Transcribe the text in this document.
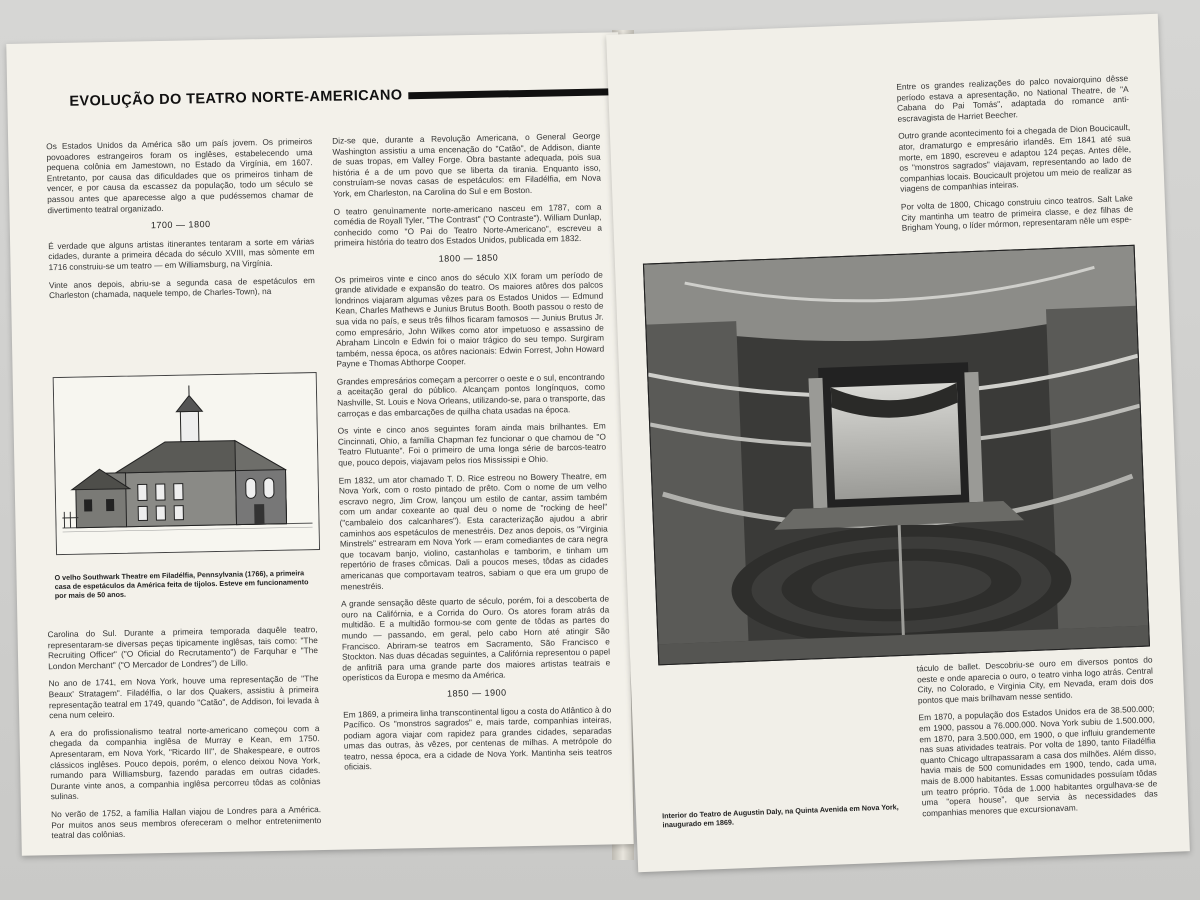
EVOLUÇÃO DO TEATRO NORTE-AMERICANO

Os Estados Unidos da América são um país jovem. Os primeiros povoadores estrangeiros foram os inglêses, estabelecendo uma pequena colônia em Jamestown, no Estado da Virgínia, em 1607. Entretanto, por causa das dificuldades que os primeiros tinham de vencer, e por causa da escassez da população, todo um século se passou antes que aparecesse algo a que pudéssemos chamar de divertimento teatral organizado.

1700 — 1800

É verdade que alguns artistas itinerantes tentaram a sorte em várias cidades, durante a primeira década do século XVIII, mas sòmente em 1716 construiu-se um teatro — em Williamsburg, na Virgínia.

Vinte anos depois, abriu-se a segunda casa de espetáculos em Charleston (chamada, naquele tempo, de Charles-Town), na

O velho Southwark Theatre em Filadélfia, Pennsylvania (1766), a primeira casa de espetáculos da América feita de tijolos. Esteve em funcionamento por mais de 50 anos.

Carolina do Sul. Durante a primeira temporada daquêle teatro, representaram-se diversas peças tipicamente inglêsas, tais como: "The Recruiting Officer" ("O Oficial do Recrutamento") de Farquhar e "The London Merchant" ("O Mercador de Londres") de Lillo.

No ano de 1741, em Nova York, houve uma representação de "The Beaux' Stratagem". Filadélfia, o lar dos Quakers, assistiu à primeira representação teatral em 1749, quando "Catão", de Addison, foi levada à cena num celeiro.

A era do profissionalismo teatral norte-americano começou com a chegada da companhia inglêsa de Murray e Kean, em 1750. Apresentaram, em Nova York, "Ricardo III", de Shakespeare, e outros clássicos inglêses. Pouco depois, porém, o elenco deixou Nova York, rumando para Williamsburg, fazendo paradas em outras cidades. Durante vinte anos, a companhia inglêsa percorreu tôdas as colônias sulinas.

No verão de 1752, a família Hallan viajou de Londres para a América. Por muitos anos seus membros ofereceram o melhor entretenimento teatral das colônias.

Diz-se que, durante a Revolução Americana, o General George Washington assistiu a uma encenação do "Catão", de Addison, diante de suas tropas, em Valley Forge. Obra bastante adequada, pois sua história é a de um povo que se liberta da tirania. Enquanto isso, construíam-se novas casas de espetáculos: em Filadélfia, em Nova York, em Charleston, na Carolina do Sul e em Boston.

O teatro genuìnamente norte-americano nasceu em 1787, com a comédia de Royall Tyler, "The Contrast" ("O Contraste"). William Dunlap, conhecido como "O Pai do Teatro Norte-Americano", escreveu a primeira história do teatro dos Estados Unidos, publicada em 1832.

1800 — 1850

Os primeiros vinte e cinco anos do século XIX foram um período de grande atividade e expansão do teatro. Os maiores atôres dos palcos londrinos viajaram algumas vêzes para os Estados Unidos — Edmund Kean, Charles Mathews e Junius Brutus Booth. Booth passou o resto de sua vida no país, e seus três filhos ficaram famosos — Junius Brutus Jr. como empresário, John Wilkes como ator impetuoso e assassino de Abraham Lincoln e Edwin foi o maior trágico do seu tempo. Surgiram também, nessa época, os atôres nacionais: Edwin Forrest, John Howard Payne e Thomas Abthorpe Cooper.

Grandes empresários começam a percorrer o oeste e o sul, encontrando a aceitação geral do público. Alcançam pontos longínquos, como Nashville, St. Louis e Nova Orleans, utilizando-se, para o transporte, das carroças e das embarcações de quilha chata usadas na época.

Os vinte e cinco anos seguintes foram ainda mais brilhantes. Em Cincinnati, Ohio, a família Chapman fez funcionar o que chamou de "O Teatro Flutuante". Foi o primeiro de uma longa série de barcos-teatro que, pouco depois, viajavam pelos rios Mississipi e Ohio.

Em 1832, um ator chamado T. D. Rice estreou no Bowery Theatre, em Nova York, com o rosto pintado de prêto. Com o nome de um velho escravo negro, Jim Crow, lançou um estilo de cantar, assim também com um andar coxeante ao qual deu o nome de "rocking de heel" ("cambaleio dos calcanhares"). Esta caracterização ajudou a abrir caminhos aos espetáculos de menestréis. Dez anos depois, os "Virginia Minstrels" estrearam em Nova York — eram comediantes de cara negra que tocavam banjo, violino, castanholas e tamborim, e tinham um repertório de frases cômicas. Dali a poucos meses, tôdas as cidades americanas que comportavam teatros, sabiam o que era um grupo de menestréis.

A grande sensação dêste quarto de século, porém, foi a descoberta de ouro na Califórnia, e a Corrida do Ouro. Os atores foram atrás da multidão. E a multidão formou-se com gente de tôdas as partes do mundo — passando, em geral, pelo cabo Horn até atingir São Francisco. Abriram-se teatros em Sacramento, São Francisco e Stockton. Nas duas décadas seguintes, a Califórnia representou o papel de anfitriã para uma grande parte dos maiores artistas teatrais e operísticos da Europa e mesmo da América.

1850 — 1900

Em 1869, a primeira linha transcontinental ligou a costa do Atlântico à do Pacífico. Os "monstros sagrados" e, mais tarde, companhias inteiras, podiam agora viajar com rapidez para grandes cidades, separadas umas das outras, às vêzes, por centenas de milhas. A metrópole do teatro, nessa época, era a cidade de Nova York. Mantinha seis teatros oficiais.

Entre os grandes realizações do palco novaiorquino dêsse período estava a apresentação, no National Theatre, de "A Cabana do Pai Tomás", adaptada do romance anti-escravagista de Harriet Beecher.

Outro grande acontecimento foi a chegada de Dion Boucicault, ator, dramaturgo e empresário irlandês. Em 1841 até sua morte, em 1890, escreveu e adaptou 124 peças. Antes dêle, os "monstros sagrados" viajavam, representando ao lado de companhias locais. Boucicault projetou um meio de realizar as viagens de companhias inteiras.

Por volta de 1800, Chicago construiu cinco teatros. Salt Lake City mantinha um teatro de primeira classe, e dez filhas de Brigham Young, o líder mórmon, representaram nêle um espe-

Interior do Teatro de Augustin Daly, na Quinta Avenida em Nova York, inaugurado em 1869.

táculo de ballet. Descobriu-se ouro em diversos pontos do oeste e onde aparecia o ouro, o teatro vinha logo atrás. Central City, no Colorado, e Virginia City, em Nevada, eram dois dos pontos que mais brilhavam nesse sentido.

Em 1870, a população dos Estados Unidos era de 38.500.000; em 1900, passou a 76.000.000. Nova York subiu de 1.500.000, em 1870, para 3.500.000, em 1900, o que influiu grandemente nas suas atividades teatrais. Por volta de 1890, tanto Filadélfia quanto Chicago ultrapassaram a casa dos milhões. Além disso, havia mais de 500 comunidades em 1900, tendo, cada uma, mais de 8.000 habitantes. Essas comunidades possuíam tôdas um teatro próprio. Tôda de 1.000 habitantes orgulhava-se de uma "opera house", que servia às necessidades das companhias menores que excursionavam.
